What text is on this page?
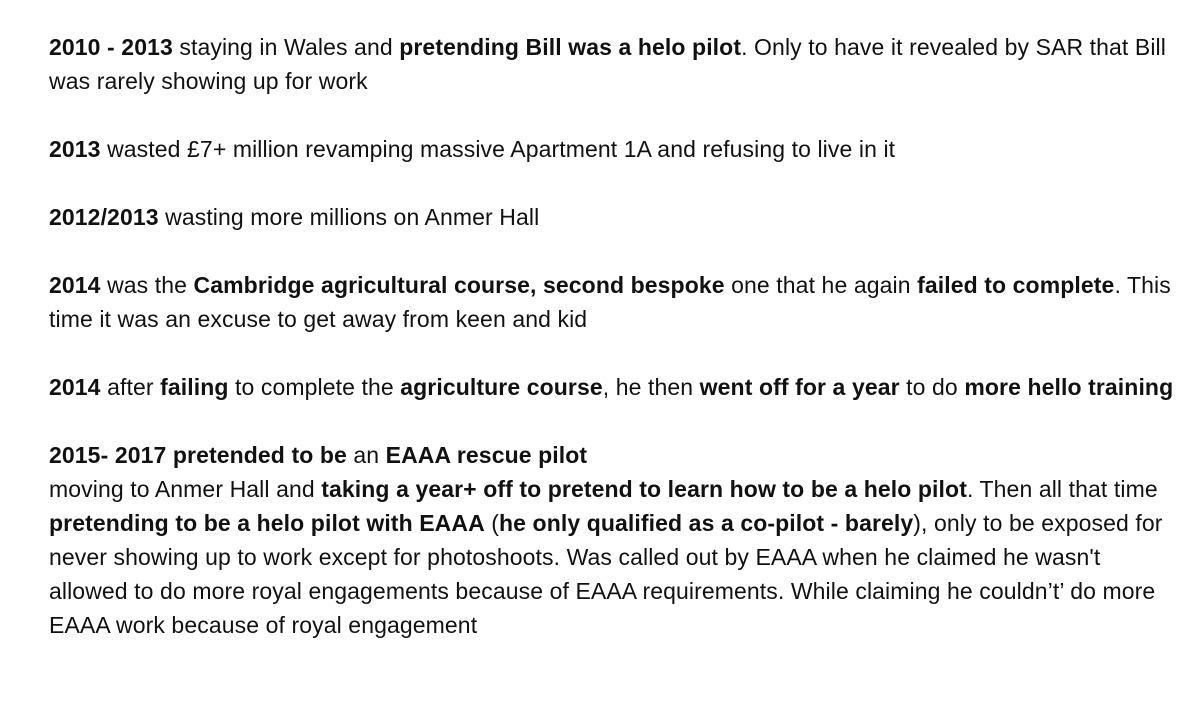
2010 - 2013 staying in Wales and pretending Bill was a helo pilot. Only to have it revealed by SAR that Bill was rarely showing up for work

2013 wasted £7+ million revamping massive Apartment 1A and refusing to live in it

2012/2013 wasting more millions on Anmer Hall

2014 was the Cambridge agricultural course, second bespoke one that he again failed to complete. This time it was an excuse to get away from keen and kid

2014 after failing to complete the agriculture course, he then went off for a year to do more hello training

2015- 2017 pretended to be an EAAA rescue pilot

moving to Anmer Hall and taking a year+ off to pretend to learn how to be a helo pilot. Then all that time pretending to be a helo pilot with EAAA (he only qualified as a co-pilot - barely), only to be exposed for never showing up to work except for photoshoots. Was called out by EAAA when he claimed he wasn't allowed to do more royal engagements because of EAAA requirements. While claiming he couldn’t’ do more EAAA work because of royal engagement
